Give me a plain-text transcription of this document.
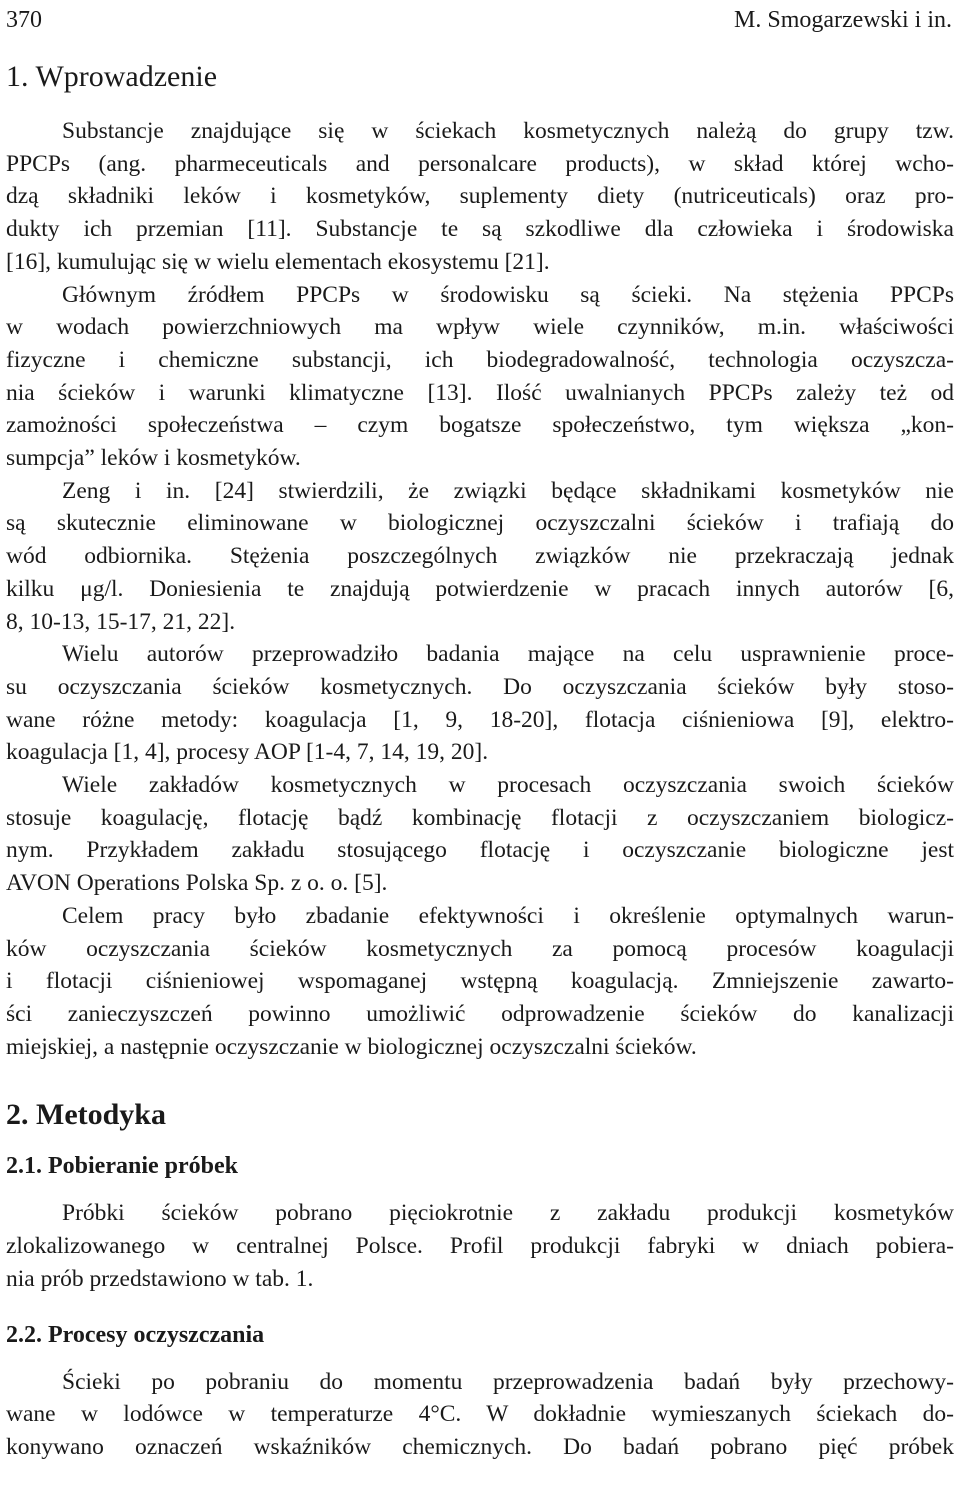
370	M. Smogarzewski i in.
1. Wprowadzenie

Substancje znajdujące się w ściekach kosmetycznych należą do grupy tzw.
PPCPs (ang. pharmeceuticals and personalcare products), w skład której wcho-
dzą składniki leków i kosmetyków, suplementy diety (nutriceuticals) oraz pro-
dukty ich przemian [11]. Substancje te są szkodliwe dla człowieka i środowiska
[16], kumulując się w wielu elementach ekosystemu [21].

Głównym źródłem PPCPs w środowisku są ścieki. Na stężenia PPCPs
w wodach powierzchniowych ma wpływ wiele czynników, m.in. właściwości
fizyczne i chemiczne substancji, ich biodegradowalność, technologia oczyszcza-
nia ścieków i warunki klimatyczne [13]. Ilość uwalnianych PPCPs zależy też od
zamożności społeczeństwa – czym bogatsze społeczeństwo, tym większa „kon-
sumpcja” leków i kosmetyków.

Zeng i in. [24] stwierdzili, że związki będące składnikami kosmetyków nie
są skutecznie eliminowane w biologicznej oczyszczalni ścieków i trafiają do
wód odbiornika. Stężenia poszczególnych związków nie przekraczają jednak
kilku μg/l. Doniesienia te znajdują potwierdzenie w pracach innych autorów [6,
8, 10-13, 15-17, 21, 22].

Wielu autorów przeprowadziło badania mające na celu usprawnienie proce-
su oczyszczania ścieków kosmetycznych. Do oczyszczania ścieków były stoso-
wane różne metody: koagulacja [1, 9, 18-20], flotacja ciśnieniowa [9], elektro-
koagulacja [1, 4], procesy AOP [1-4, 7, 14, 19, 20].

Wiele zakładów kosmetycznych w procesach oczyszczania swoich ścieków
stosuje koagulację, flotację bądź kombinację flotacji z oczyszczaniem biologicz-
nym. Przykładem zakładu stosującego flotację i oczyszczanie biologiczne jest
AVON Operations Polska Sp. z o. o. [5].

Celem pracy było zbadanie efektywności i określenie optymalnych warun-
ków oczyszczania ścieków kosmetycznych za pomocą procesów koagulacji
i flotacji ciśnieniowej wspomaganej wstępną koagulacją. Zmniejszenie zawarto-
ści zanieczyszczeń powinno umożliwić odprowadzenie ścieków do kanalizacji
miejskiej, a następnie oczyszczanie w biologicznej oczyszczalni ścieków.

2. Metodyka
2.1. Pobieranie próbek

Próbki ścieków pobrano pięciokrotnie z zakładu produkcji kosmetyków
zlokalizowanego w centralnej Polsce. Profil produkcji fabryki w dniach pobiera-
nia prób przedstawiono w tab. 1.

2.2. Procesy oczyszczania

Ścieki po pobraniu do momentu przeprowadzenia badań były przechowy-
wane w lodówce w temperaturze 4°C. W dokładnie wymieszanych ściekach do-
konywano oznaczeń wskaźników chemicznych. Do badań pobrano pięć próbek
